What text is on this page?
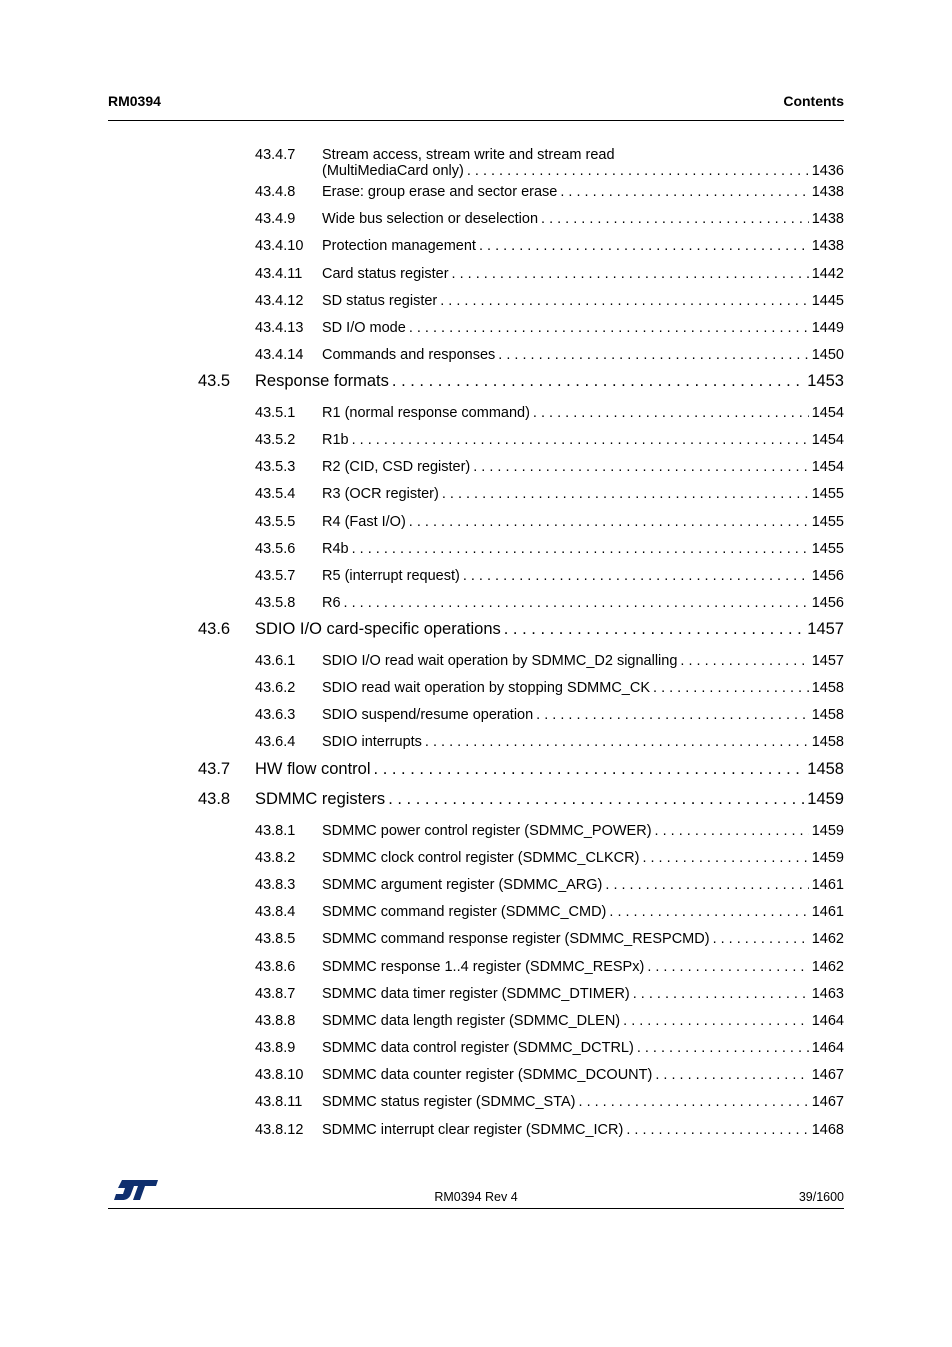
RM0394	Contents
43.4.7 Stream access, stream write and stream read
(MultiMediaCard only) . . .	1436
43.4.8 Erase: group erase and sector erase . . .	1438
43.4.9 Wide bus selection or deselection . . .	1438
43.4.10 Protection management . . .	1438
43.4.11 Card status register . . .	1442
43.4.12 SD status register . . .	1445
43.4.13 SD I/O mode . . .	1449
43.4.14 Commands and responses . . .	1450
43.5 Response formats . . .	1453
43.5.1 R1 (normal response command) . . .	1454
43.5.2 R1b . . .	1454
43.5.3 R2 (CID, CSD register) . . .	1454
43.5.4 R3 (OCR register) . . .	1455
43.5.5 R4 (Fast I/O) . . .	1455
43.5.6 R4b . . .	1455
43.5.7 R5 (interrupt request) . . .	1456
43.5.8 R6 . . .	1456
43.6 SDIO I/O card-specific operations . . .	1457
43.6.1 SDIO I/O read wait operation by SDMMC_D2 signalling . . .	1457
43.6.2 SDIO read wait operation by stopping SDMMC_CK . . .	1458
43.6.3 SDIO suspend/resume operation . . .	1458
43.6.4 SDIO interrupts . . .	1458
43.7 HW flow control . . .	1458
43.8 SDMMC registers . . .	1459
43.8.1 SDMMC power control register (SDMMC_POWER) . . .	1459
43.8.2 SDMMC clock control register (SDMMC_CLKCR) . . .	1459
43.8.3 SDMMC argument register (SDMMC_ARG) . . .	1461
43.8.4 SDMMC command register (SDMMC_CMD) . . .	1461
43.8.5 SDMMC command response register (SDMMC_RESPCMD) . . .	1462
43.8.6 SDMMC response 1..4 register (SDMMC_RESPx) . . .	1462
43.8.7 SDMMC data timer register (SDMMC_DTIMER) . . .	1463
43.8.8 SDMMC data length register (SDMMC_DLEN) . . .	1464
43.8.9 SDMMC data control register (SDMMC_DCTRL) . . .	1464
43.8.10 SDMMC data counter register (SDMMC_DCOUNT) . . .	1467
43.8.11 SDMMC status register (SDMMC_STA) . . .	1467
43.8.12 SDMMC interrupt clear register (SDMMC_ICR) . . .	1468
RM0394 Rev 4	39/1600
